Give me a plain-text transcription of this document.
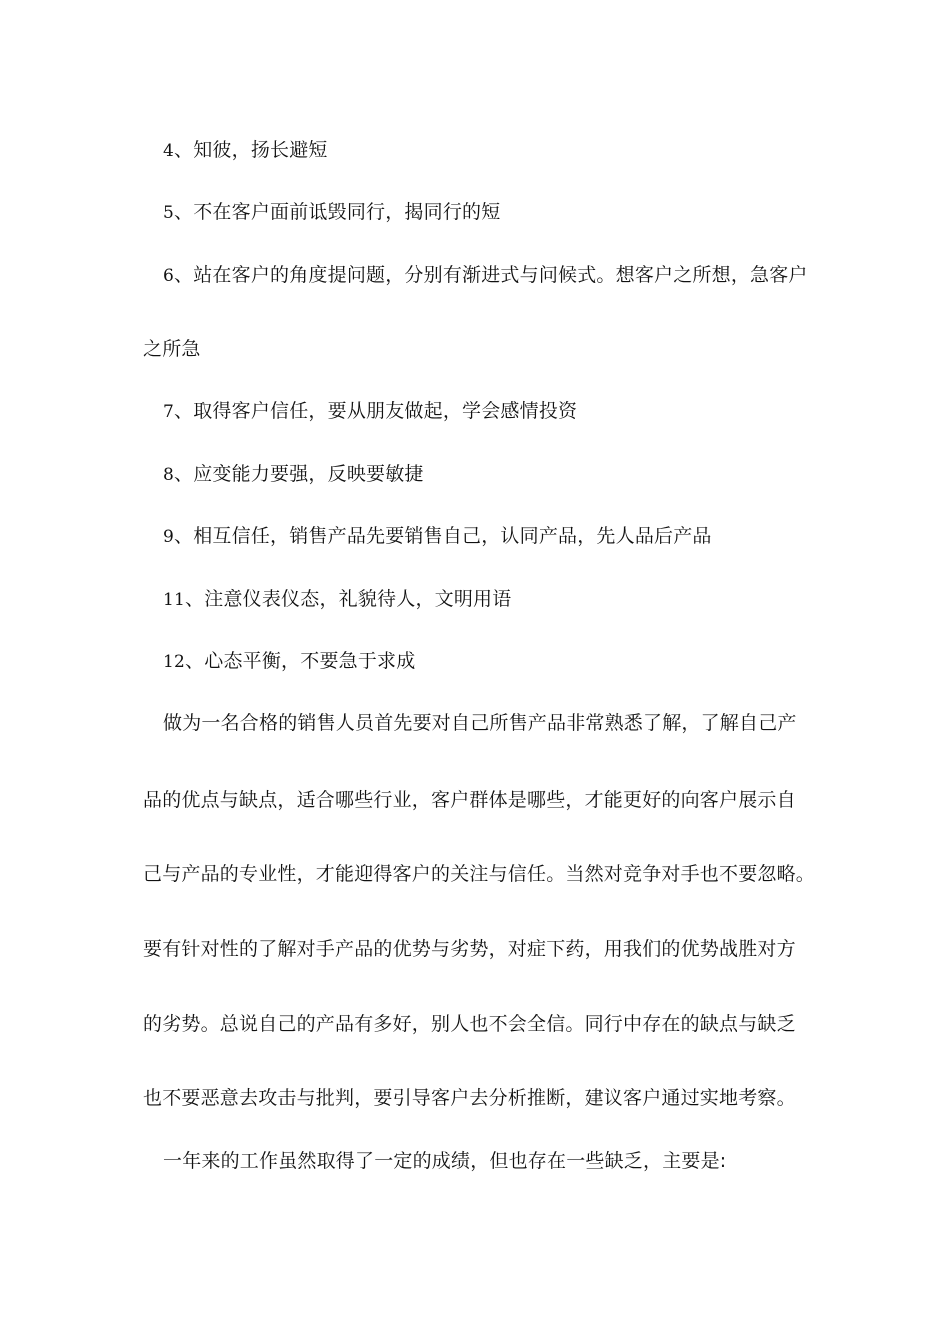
4、知彼，扬长避短
5、不在客户面前诋毁同行，揭同行的短
6、站在客户的角度提问题，分别有渐进式与问候式。想客户之所想，急客户
之所急
7、取得客户信任，要从朋友做起，学会感情投资
8、应变能力要强，反映要敏捷
9、相互信任，销售产品先要销售自己，认同产品，先人品后产品
11、注意仪表仪态，礼貌待人，文明用语
12、心态平衡，不要急于求成
做为一名合格的销售人员首先要对自己所售产品非常熟悉了解，了解自己产
品的优点与缺点，适合哪些行业，客户群体是哪些，才能更好的向客户展示自
己与产品的专业性，才能迎得客户的关注与信任。当然对竞争对手也不要忽略。
要有针对性的了解对手产品的优势与劣势，对症下药，用我们的优势战胜对方
的劣势。总说自己的产品有多好，别人也不会全信。同行中存在的缺点与缺乏
也不要恶意去攻击与批判，要引导客户去分析推断，建议客户通过实地考察。
一年来的工作虽然取得了一定的成绩，但也存在一些缺乏，主要是:
